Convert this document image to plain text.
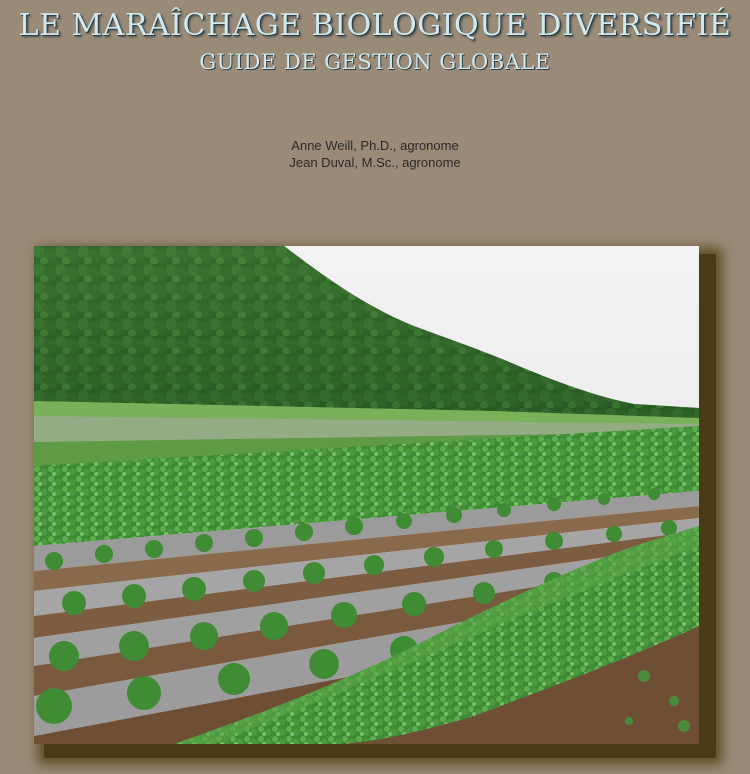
LE MARAÎCHAGE BIOLOGIQUE DIVERSIFIÉ
GUIDE DE GESTION GLOBALE
Anne Weill, Ph.D., agronome
Jean Duval, M.Sc., agronome
